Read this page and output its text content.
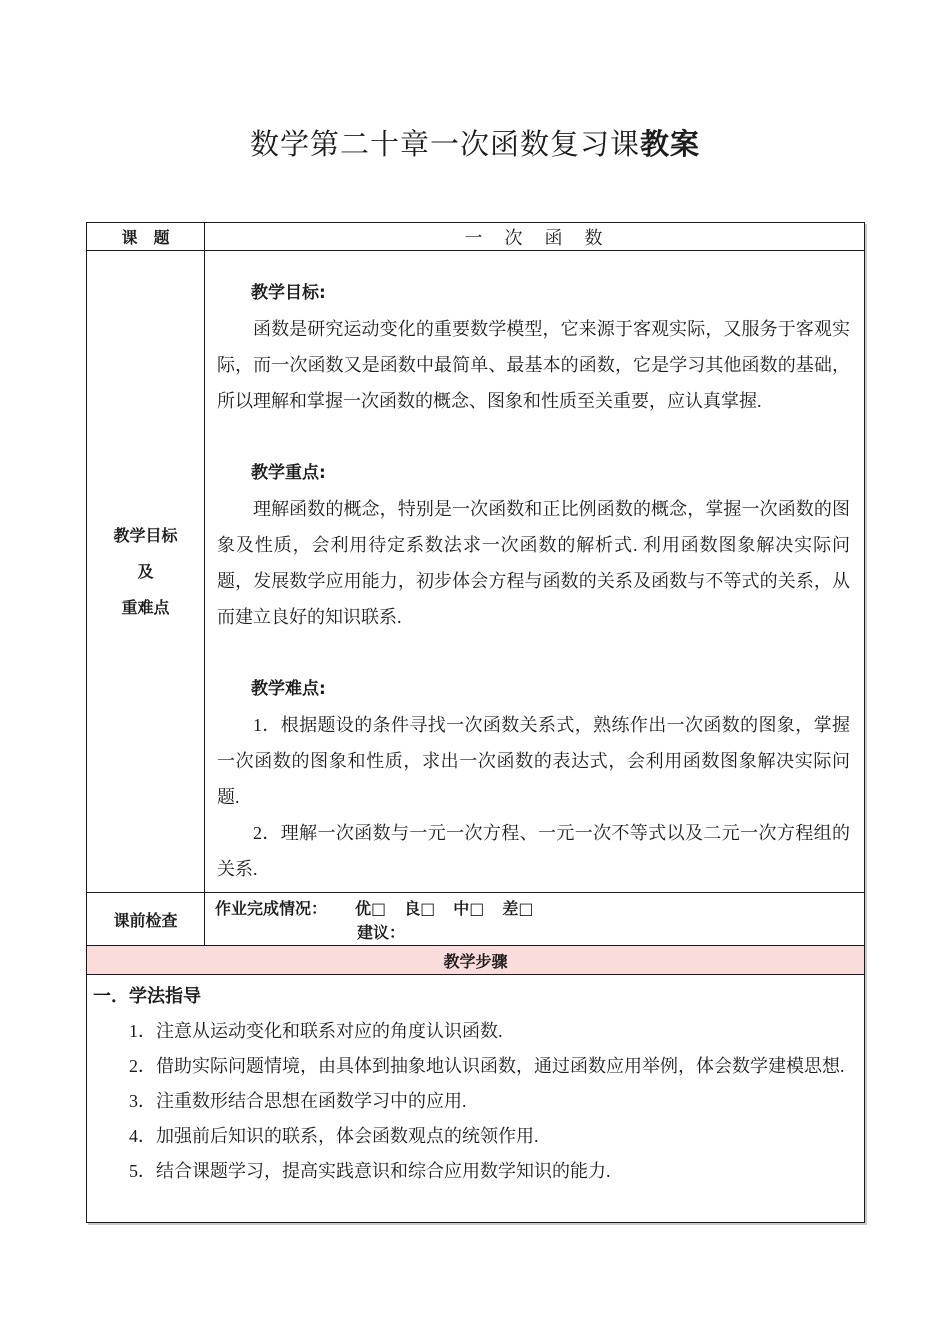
数学第二十章一次函数复习课教案
课　题	一　次　函　数

教学目标
及
重难点

教学目标:

函数是研究运动变化的重要数学模型，它来源于客观实际，又服务于客观实际，而一次函数又是函数中最简单、最基本的函数，它是学习其他函数的基础，所以理解和掌握一次函数的概念、图象和性质至关重要，应认真掌握.

教学重点:

理解函数的概念，特别是一次函数和正比例函数的概念，掌握一次函数的图象及性质，会利用待定系数法求一次函数的解析式. 利用函数图象解决实际问题，发展数学应用能力，初步体会方程与函数的关系及函数与不等式的关系，从而建立良好的知识联系.

教学难点:

1．根据题设的条件寻找一次函数关系式，熟练作出一次函数的图象，掌握一次函数的图象和性质，求出一次函数的表达式，会利用函数图象解决实际问题.

2．理解一次函数与一元一次方程、一元一次不等式以及二元一次方程组的关系.

课前检查	作业完成情况： 优□ 良□ 中□ 差□
建议：

教学步骤	

一．学法指导

1．注意从运动变化和联系对应的角度认识函数.

2．借助实际问题情境，由具体到抽象地认识函数，通过函数应用举例，体会数学建模思想.

3．注重数形结合思想在函数学习中的应用.

4．加强前后知识的联系，体会函数观点的统领作用.

5．结合课题学习，提高实践意识和综合应用数学知识的能力.
